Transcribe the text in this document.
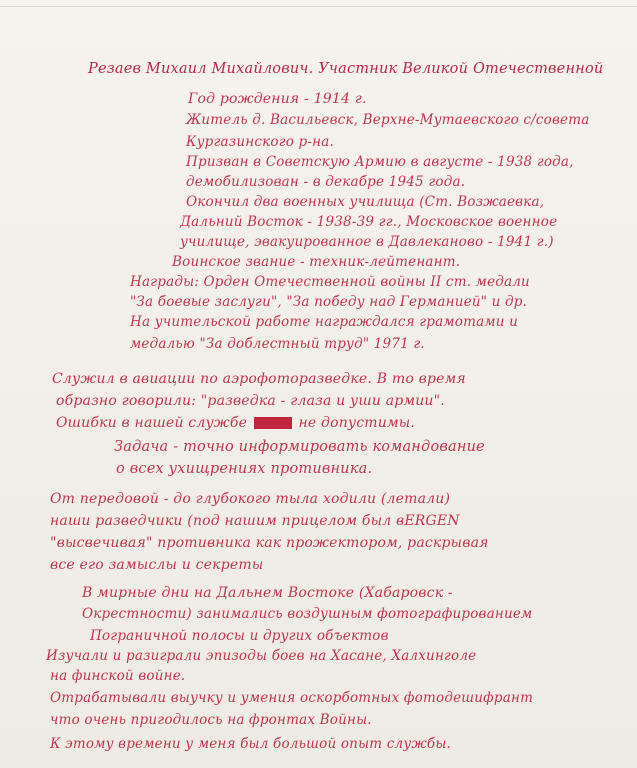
Резаев Михаил Михайлович. Участник Великой Отечественной
Год рождения - 1914 г.
Житель д. Васильевск, Верхне-Мутаевского с/совета
Кургазинского р-на.
Призван в Советскую Армию в августе - 1938 года,
демобилизован - в декабре 1945 года.
Окончил два военных училища (Ст. Возжаевка,
Дальний Восток - 1938-39 гг., Московское военное
училище, эвакуированное в Давлеканово - 1941 г.)
Воинское звание - техник-лейтенант.
Награды: Орден Отечественной войны II ст. медали
"За боевые заслуги", "За победу над Германией" и др.
На учительской работе награждался грамотами и
медалью "За доблестный труд" 1971 г.
Служил в авиации по аэрофоторазведке. В то время
образно говорили: "разведка - глаза и уши армии".
Ошибки в нашей службе	не допустимы.
Задача - точно информировать командование
о всех ухищрениях противника.
От передовой - до глубокого тыла ходили (летали)
наши разведчики (под нашим прицелом был вERGEN
"высвечивая" противника как прожектором, раскрывая
все его замыслы и секреты
В мирные дни на Дальнем Востоке (Хабаровск -
Окрестности) занимались воздушным фотографированием
Пограничной полосы и других объектов
Изучали и разиграли эпизоды боев на Хасане, Халхинголе
на финской войне.
Отрабатывали выучку и умения оскорботных фотодешифрант
что очень пригодилось на фронтах Войны.
К этому времени у меня был большой опыт службы.
